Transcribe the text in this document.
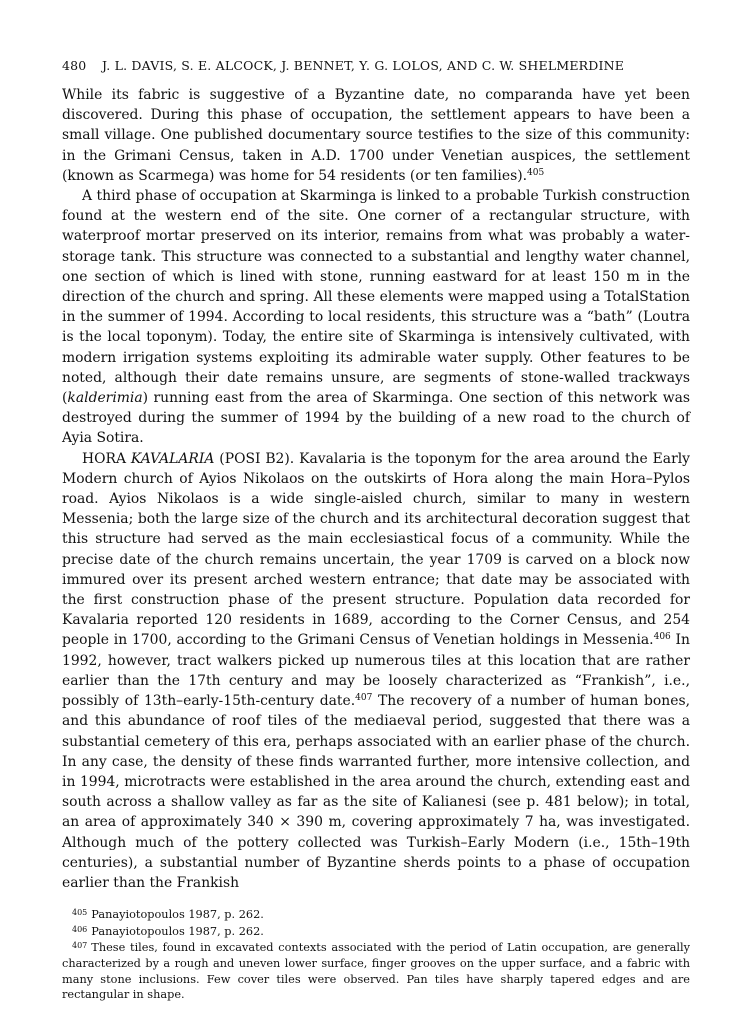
480	J. L. DAVIS, S. E. ALCOCK, J. BENNET, Y. G. LOLOS, AND C. W. SHELMERDINE

While its fabric is suggestive of a Byzantine date, no comparanda have yet been discovered. During this phase of occupation, the settlement appears to have been a small village. One published documentary source testifies to the size of this community: in the Grimani Census, taken in A.D. 1700 under Venetian auspices, the settlement (known as Scarmega) was home for 54 residents (or ten families).$^{405}$

A third phase of occupation at Skarminga is linked to a probable Turkish construction found at the western end of the site. One corner of a rectangular structure, with waterproof mortar preserved on its interior, remains from what was probably a water-storage tank. This structure was connected to a substantial and lengthy water channel, one section of which is lined with stone, running eastward for at least 150 m in the direction of the church and spring. All these elements were mapped using a TotalStation in the summer of 1994. According to local residents, this structure was a “bath” (Loutra is the local toponym). Today, the entire site of Skarminga is intensively cultivated, with modern irrigation systems exploiting its admirable water supply. Other features to be noted, although their date remains unsure, are segments of stone-walled trackways (kalderimia) running east from the area of Skarminga. One section of this network was destroyed during the summer of 1994 by the building of a new road to the church of Ayia Sotira.

HORA KAVALARIA (POSI B2). Kavalaria is the toponym for the area around the Early Modern church of Ayios Nikolaos on the outskirts of Hora along the main Hora–Pylos road. Ayios Nikolaos is a wide single-aisled church, similar to many in western Messenia; both the large size of the church and its architectural decoration suggest that this structure had served as the main ecclesiastical focus of a community. While the precise date of the church remains uncertain, the year 1709 is carved on a block now immured over its present arched western entrance; that date may be associated with the first construction phase of the present structure. Population data recorded for Kavalaria reported 120 residents in 1689, according to the Corner Census, and 254 people in 1700, according to the Grimani Census of Venetian holdings in Messenia.$^{406}$ In 1992, however, tract walkers picked up numerous tiles at this location that are rather earlier than the 17th century and may be loosely characterized as “Frankish”, i.e., possibly of 13th–early-15th-century date.$^{407}$ The recovery of a number of human bones, and this abundance of roof tiles of the mediaeval period, suggested that there was a substantial cemetery of this era, perhaps associated with an earlier phase of the church. In any case, the density of these finds warranted further, more intensive collection, and in 1994, microtracts were established in the area around the church, extending east and south across a shallow valley as far as the site of Kalianesi (see p. 481 below); in total, an area of approximately 340 × 390 m, covering approximately 7 ha, was investigated. Although much of the pottery collected was Turkish–Early Modern (i.e., 15th–19th centuries), a substantial number of Byzantine sherds points to a phase of occupation earlier than the Frankish

$^{405}$ Panayiotopoulos 1987, p. 262.
$^{406}$ Panayiotopoulos 1987, p. 262.
$^{407}$ These tiles, found in excavated contexts associated with the period of Latin occupation, are generally characterized by a rough and uneven lower surface, finger grooves on the upper surface, and a fabric with many stone inclusions. Few cover tiles were observed. Pan tiles have sharply tapered edges and are rectangular in shape.
